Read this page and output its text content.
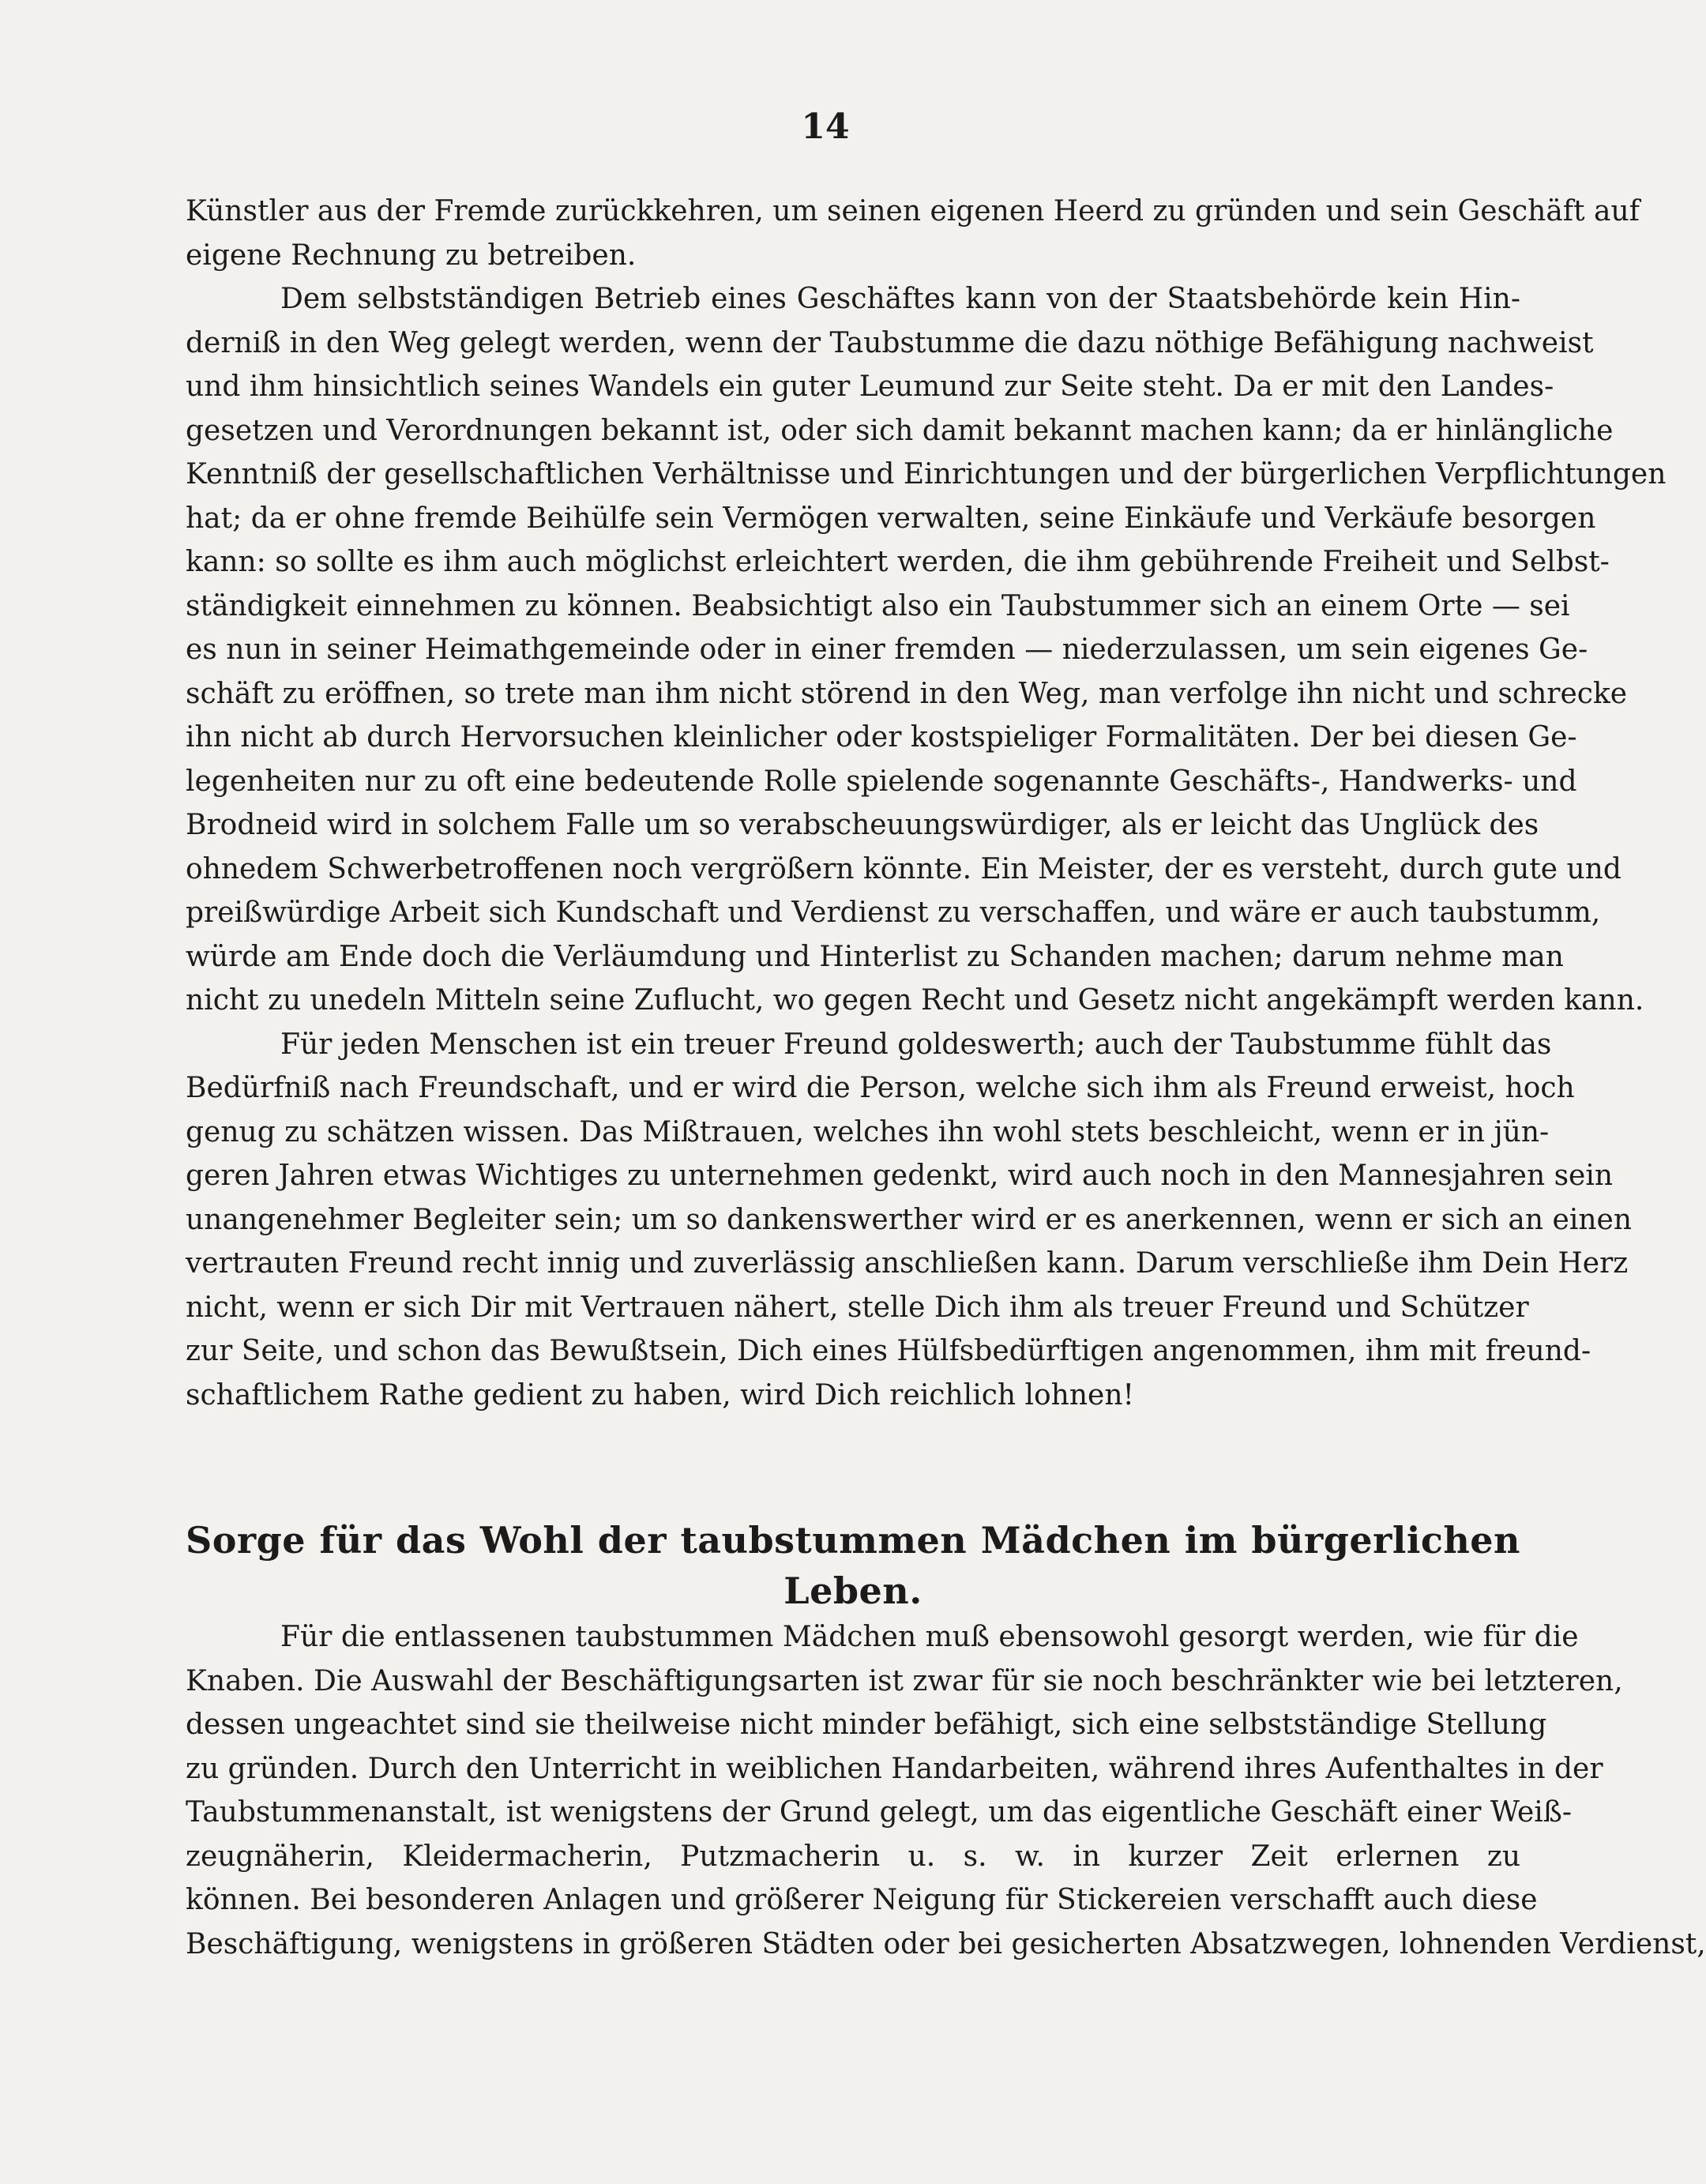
14
Künstler aus der Fremde zurückkehren, um seinen eigenen Heerd zu gründen und sein Geschäft auf
eigene Rechnung zu betreiben.
Dem selbstständigen Betrieb eines Geschäftes kann von der Staatsbehörde kein Hin-
derniß in den Weg gelegt werden, wenn der Taubstumme die dazu nöthige Befähigung nachweist
und ihm hinsichtlich seines Wandels ein guter Leumund zur Seite steht. Da er mit den Landes-
gesetzen und Verordnungen bekannt ist, oder sich damit bekannt machen kann; da er hinlängliche
Kenntniß der gesellschaftlichen Verhältnisse und Einrichtungen und der bürgerlichen Verpflichtungen
hat; da er ohne fremde Beihülfe sein Vermögen verwalten, seine Einkäufe und Verkäufe besorgen
kann: so sollte es ihm auch möglichst erleichtert werden, die ihm gebührende Freiheit und Selbst-
ständigkeit einnehmen zu können. Beabsichtigt also ein Taubstummer sich an einem Orte — sei
es nun in seiner Heimathgemeinde oder in einer fremden — niederzulassen, um sein eigenes Ge-
schäft zu eröffnen, so trete man ihm nicht störend in den Weg, man verfolge ihn nicht und schrecke
ihn nicht ab durch Hervorsuchen kleinlicher oder kostspieliger Formalitäten. Der bei diesen Ge-
legenheiten nur zu oft eine bedeutende Rolle spielende sogenannte Geschäfts-, Handwerks- und
Brodneid wird in solchem Falle um so verabscheuungswürdiger, als er leicht das Unglück des
ohnedem Schwerbetroffenen noch vergrößern könnte. Ein Meister, der es versteht, durch gute und
preißwürdige Arbeit sich Kundschaft und Verdienst zu verschaffen, und wäre er auch taubstumm,
würde am Ende doch die Verläumdung und Hinterlist zu Schanden machen; darum nehme man
nicht zu unedeln Mitteln seine Zuflucht, wo gegen Recht und Gesetz nicht angekämpft werden kann.
Für jeden Menschen ist ein treuer Freund goldeswerth; auch der Taubstumme fühlt das
Bedürfniß nach Freundschaft, und er wird die Person, welche sich ihm als Freund erweist, hoch
genug zu schätzen wissen. Das Mißtrauen, welches ihn wohl stets beschleicht, wenn er in jün-
geren Jahren etwas Wichtiges zu unternehmen gedenkt, wird auch noch in den Mannesjahren sein
unangenehmer Begleiter sein; um so dankenswerther wird er es anerkennen, wenn er sich an einen
vertrauten Freund recht innig und zuverlässig anschließen kann. Darum verschließe ihm Dein Herz
nicht, wenn er sich Dir mit Vertrauen nähert, stelle Dich ihm als treuer Freund und Schützer
zur Seite, und schon das Bewußtsein, Dich eines Hülfsbedürftigen angenommen, ihm mit freund-
schaftlichem Rathe gedient zu haben, wird Dich reichlich lohnen!
Sorge für das Wohl der taubstummen Mädchen im bürgerlichen
Leben.
Für die entlassenen taubstummen Mädchen muß ebensowohl gesorgt werden, wie für die
Knaben. Die Auswahl der Beschäftigungsarten ist zwar für sie noch beschränkter wie bei letzteren,
dessen ungeachtet sind sie theilweise nicht minder befähigt, sich eine selbstständige Stellung
zu gründen. Durch den Unterricht in weiblichen Handarbeiten, während ihres Aufenthaltes in der
Taubstummenanstalt, ist wenigstens der Grund gelegt, um das eigentliche Geschäft einer Weiß-
zeugnäherin, Kleidermacherin, Putzmacherin u. s. w. in kurzer Zeit erlernen zu
können. Bei besonderen Anlagen und größerer Neigung für Stickereien verschafft auch diese
Beschäftigung, wenigstens in größeren Städten oder bei gesicherten Absatzwegen, lohnenden Verdienst,
